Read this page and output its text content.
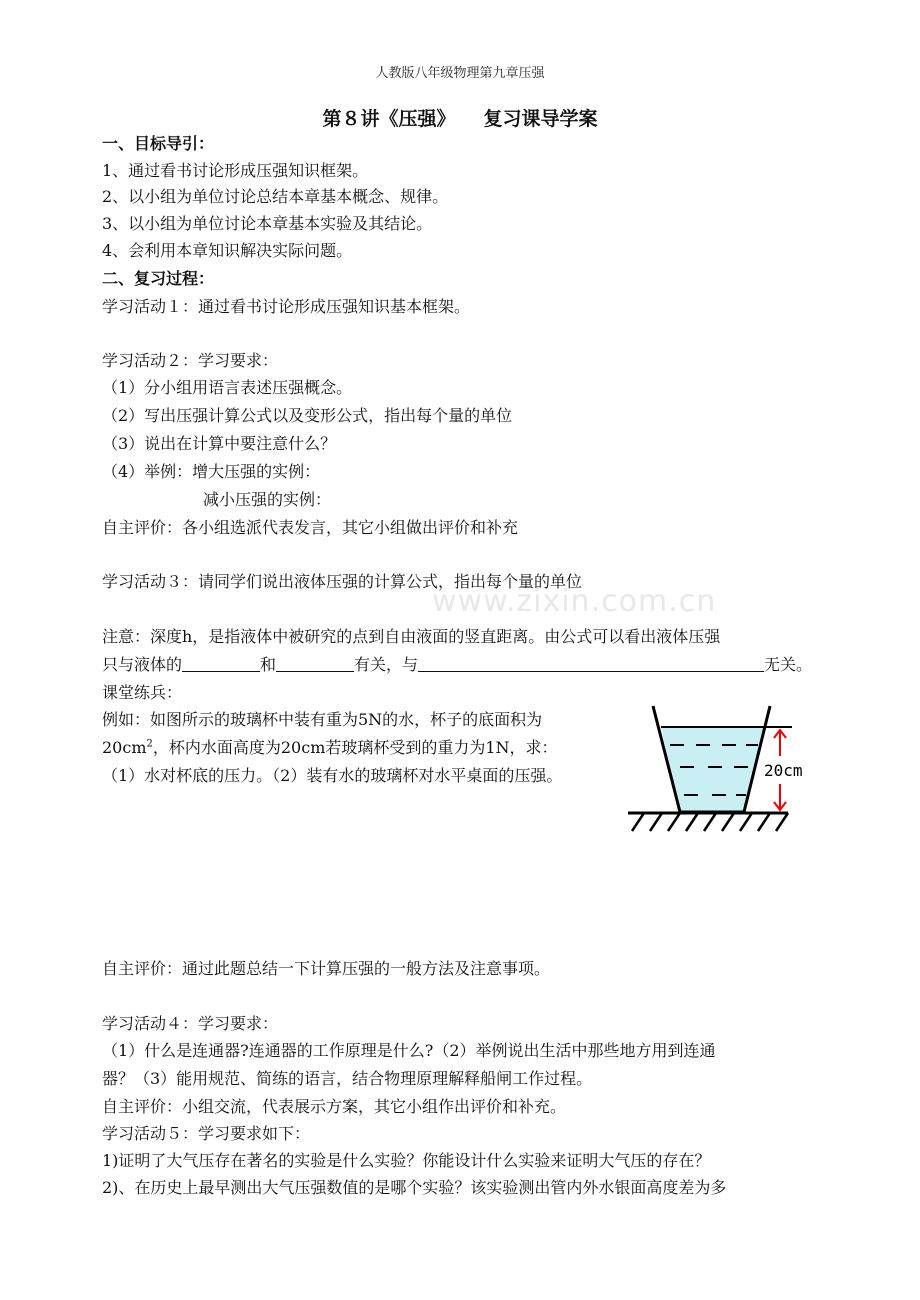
人教版八年级物理第九章压强
第８讲《压强》 复习课导学案
一、目标导引：
1、通过看书讨论形成压强知识框架。
2、以小组为单位讨论总结本章基本概念、规律。
3、以小组为单位讨论本章基本实验及其结论。
4、会利用本章知识解决实际问题。
二、复习过程：
学习活动１：通过看书讨论形成压强知识基本框架。
学习活动２：学习要求：
（1）分小组用语言表述压强概念。
（2）写出压强计算公式以及变形公式，指出每个量的单位
（3）说出在计算中要注意什么？
（4）举例：增大压强的实例：
减小压强的实例：
自主评价：各小组选派代表发言，其它小组做出评价和补充
学习活动３：请同学们说出液体压强的计算公式，指出每个量的单位
www.zixin.com.cn
注意：深度h，是指液体中被研究的点到自由液面的竖直距离。由公式可以看出液体压强
只与液体的	和	有关，与	无关。
课堂练兵：
例如：如图所示的玻璃杯中装有重为5N的水，杯子的底面积为
$20cm^2$，杯内水面高度为20cm若玻璃杯受到的重力为1N，求：
（1）水对杯底的压力。（2）装有水的玻璃杯对水平桌面的压强。	20cm
自主评价：通过此题总结一下计算压强的一般方法及注意事项。
学习活动４：学习要求：
（1）什么是连通器?连通器的工作原理是什么?（2）举例说出生活中那些地方用到连通
器？（3）能用规范、简练的语言，结合物理原理解释船闸工作过程。
自主评价：小组交流，代表展示方案，其它小组作出评价和补充。
学习活动５：学习要求如下：
1)证明了大气压存在著名的实验是什么实验？你能设计什么实验来证明大气压的存在？
2)、在历史上最早测出大气压强数值的是哪个实验？该实验测出管内外水银面高度差为多
